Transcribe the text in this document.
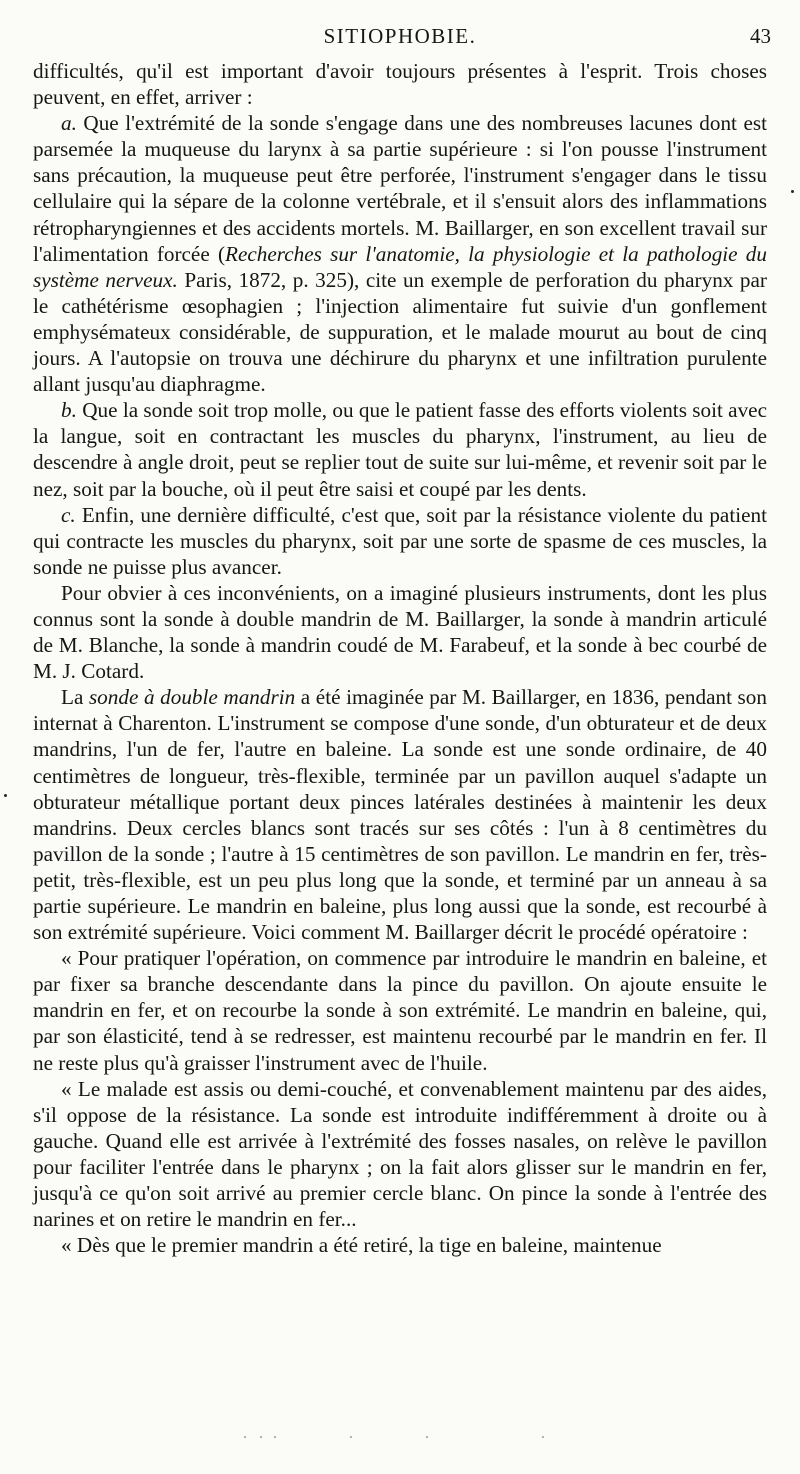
SITIOPHOBIE.	43

difficultés, qu'il est important d'avoir toujours présentes à l'esprit. Trois choses peuvent, en effet, arriver :

a. Que l'extrémité de la sonde s'engage dans une des nombreuses lacunes dont est parsemée la muqueuse du larynx à sa partie supérieure : si l'on pousse l'instrument sans précaution, la muqueuse peut être perforée, l'instrument s'engager dans le tissu cellulaire qui la sépare de la colonne vertébrale, et il s'ensuit alors des inflammations rétropharyngiennes et des accidents mortels. M. Baillarger, en son excellent travail sur l'alimentation forcée (Recherches sur l'anatomie, la physiologie et la pathologie du système nerveux. Paris, 1872, p. 325), cite un exemple de perforation du pharynx par le cathétérisme œsophagien ; l'injection alimentaire fut suivie d'un gonflement emphysémateux considérable, de suppuration, et le malade mourut au bout de cinq jours. A l'autopsie on trouva une déchirure du pharynx et une infiltration purulente allant jusqu'au diaphragme.

b. Que la sonde soit trop molle, ou que le patient fasse des efforts violents soit avec la langue, soit en contractant les muscles du pharynx, l'instrument, au lieu de descendre à angle droit, peut se replier tout de suite sur lui-même, et revenir soit par le nez, soit par la bouche, où il peut être saisi et coupé par les dents.

c. Enfin, une dernière difficulté, c'est que, soit par la résistance violente du patient qui contracte les muscles du pharynx, soit par une sorte de spasme de ces muscles, la sonde ne puisse plus avancer.

Pour obvier à ces inconvénients, on a imaginé plusieurs instruments, dont les plus connus sont la sonde à double mandrin de M. Baillarger, la sonde à mandrin articulé de M. Blanche, la sonde à mandrin coudé de M. Farabeuf, et la sonde à bec courbé de M. J. Cotard.

La sonde à double mandrin a été imaginée par M. Baillarger, en 1836, pendant son internat à Charenton. L'instrument se compose d'une sonde, d'un obturateur et de deux mandrins, l'un de fer, l'autre en baleine. La sonde est une sonde ordinaire, de 40 centimètres de longueur, très-flexible, terminée par un pavillon auquel s'adapte un obturateur métallique portant deux pinces latérales destinées à maintenir les deux mandrins. Deux cercles blancs sont tracés sur ses côtés : l'un à 8 centimètres du pavillon de la sonde ; l'autre à 15 centimètres de son pavillon. Le mandrin en fer, très-petit, très-flexible, est un peu plus long que la sonde, et terminé par un anneau à sa partie supérieure. Le mandrin en baleine, plus long aussi que la sonde, est recourbé à son extrémité supérieure. Voici comment M. Baillarger décrit le procédé opératoire :

« Pour pratiquer l'opération, on commence par introduire le mandrin en baleine, et par fixer sa branche descendante dans la pince du pavillon. On ajoute ensuite le mandrin en fer, et on recourbe la sonde à son extrémité. Le mandrin en baleine, qui, par son élasticité, tend à se redresser, est maintenu recourbé par le mandrin en fer. Il ne reste plus qu'à graisser l'instrument avec de l'huile.

« Le malade est assis ou demi-couché, et convenablement maintenu par des aides, s'il oppose de la résistance. La sonde est introduite indifféremment à droite ou à gauche. Quand elle est arrivée à l'extrémité des fosses nasales, on relève le pavillon pour faciliter l'entrée dans le pharynx ; on la fait alors glisser sur le mandrin en fer, jusqu'à ce qu'on soit arrivé au premier cercle blanc. On pince la sonde à l'entrée des narines et on retire le mandrin en fer...

« Dès que le premier mandrin a été retiré, la tige en baleine, maintenue
